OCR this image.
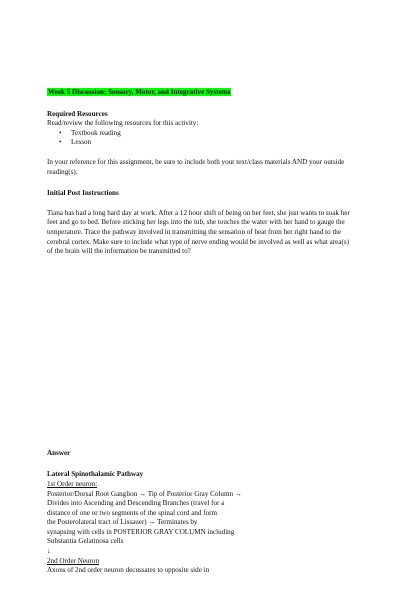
Week 5 Discussion: Sensory, Motor, and Integrative Systems
Required Resources

Read/review the following resources for this activity:

• Textbook reading
• Lesson

In your reference for this assignment, be sure to include both your text/class materials AND your outside reading(s).

Initial Post Instructions

Tiana has had a long hard day at work. After a 12 hour shift of being on her feet, she just wants to soak her feet and go to bed. Before sticking her legs into the tub, she touches the water with her hand to gauge the temperature. Trace the pathway involved in transmitting the sensation of heat from her right hand to the cerebral cortex. Make sure to include what type of nerve ending would be involved as well as what area(s) of the brain will the information be transmitted to?

Answer
Lateral Spinothalamic Pathway
1st Order neuron:
Posterior/Dorsal Root Ganglion → Tip of Posterior Gray Column →
Divides into Ascending and Descending Branches (travel for a
distance of one or two segments of the spinal cord and form
the Posterolateral tract of Lissauer) → Terminates by
synapsing with cells in POSTERIOR GRAY COLUMN including
Substantia Gelatinosa cells
↓
2nd Order Neuron
Axons of 2nd order neuron decussates to opposite side in
